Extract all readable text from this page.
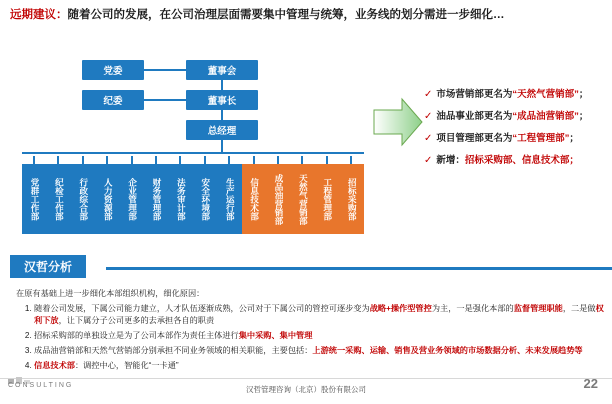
远期建议：随着公司的发展，在公司治理层面需要集中管理与统筹，业务线的划分需进一步细化…
党委	董事会
纪委	董事长
总经理
党群工作部	纪检工作部	行政综合部	人力资源部	企业管理部	财务管理部	法务审计部	安全环境部	生产运行部	信息技术部	成品油营销部	天然气营销部	工程管理部	招标采购部
✓ 市场营销部更名为“天然气营销部”；
✓ 油品事业部更名为“成品油营销部”；
✓ 项目管理部更名为“工程管理部”；
✓ 新增：招标采购部、信息技术部；
汉哲分析
在原有基础上进一步细化本部组织机构，细化原因：
1. 随着公司发展，下属公司能力建立，人才队伍逐渐成熟，公司对于下属公司的管控可逐步变为战略+操作型管控为主，一是强化本部的监督管理职能，二是做权利下放，让下属分子公司更多的去承担各自的职责
2. 招标采购部的单独设立是为了公司本部作为责任主体进行集中采购、集中管理
3. 成品油营销部和天然气营销部分别承担不同业务领域的相关职能，主要包括：上游统一采购、运输、销售及营业务领域的市场数据分析、未来发展趋势等
4. 信息技术部：调控中心，智能化“一卡通”
CONSULTING	汉哲管理咨询（北京）股份有限公司	22
